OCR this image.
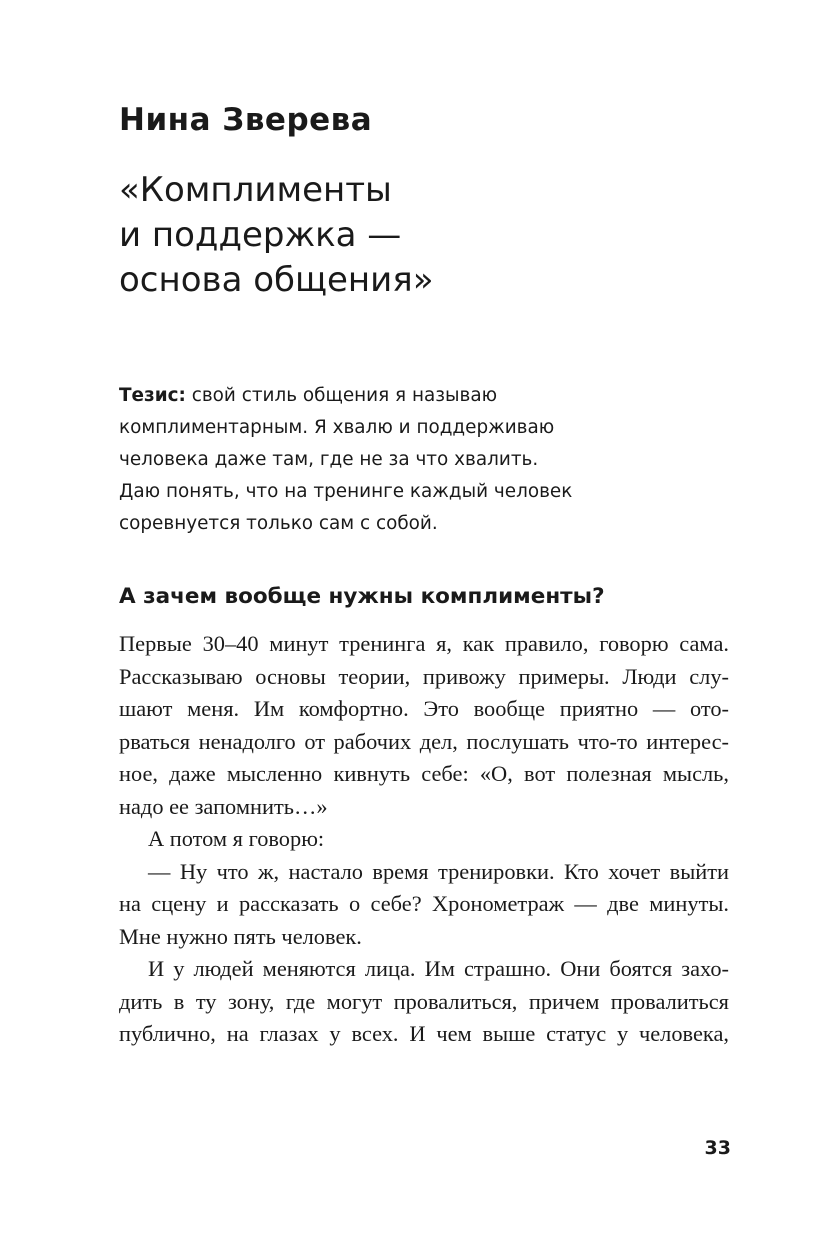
Нина Зверева
«Комплименты
и поддержка —
основа общения»

Тезис: свой стиль общения я называю
комплиментарным. Я хвалю и поддерживаю
человека даже там, где не за что хвалить.
Даю понять, что на тренинге каждый человек
соревнуется только сам с собой.

А зачем вообще нужны комплименты?
Первые 30–40 минут тренинга я, как правило, говорю сама.
Рассказываю основы теории, привожу примеры. Люди слу-
шают меня. Им комфортно. Это вообще приятно — ото-
рваться ненадолго от рабочих дел, послушать что-то интерес-
ное, даже мысленно кивнуть себе: «О, вот полезная мысль,
надо ее запомнить…»
А потом я говорю:
— Ну что ж, настало время тренировки. Кто хочет выйти
на сцену и рассказать о себе? Хронометраж — две минуты.
Мне нужно пять человек.
И у людей меняются лица. Им страшно. Они боятся захо-
дить в ту зону, где могут провалиться, причем провалиться
публично, на глазах у всех. И чем выше статус у человека,
33
